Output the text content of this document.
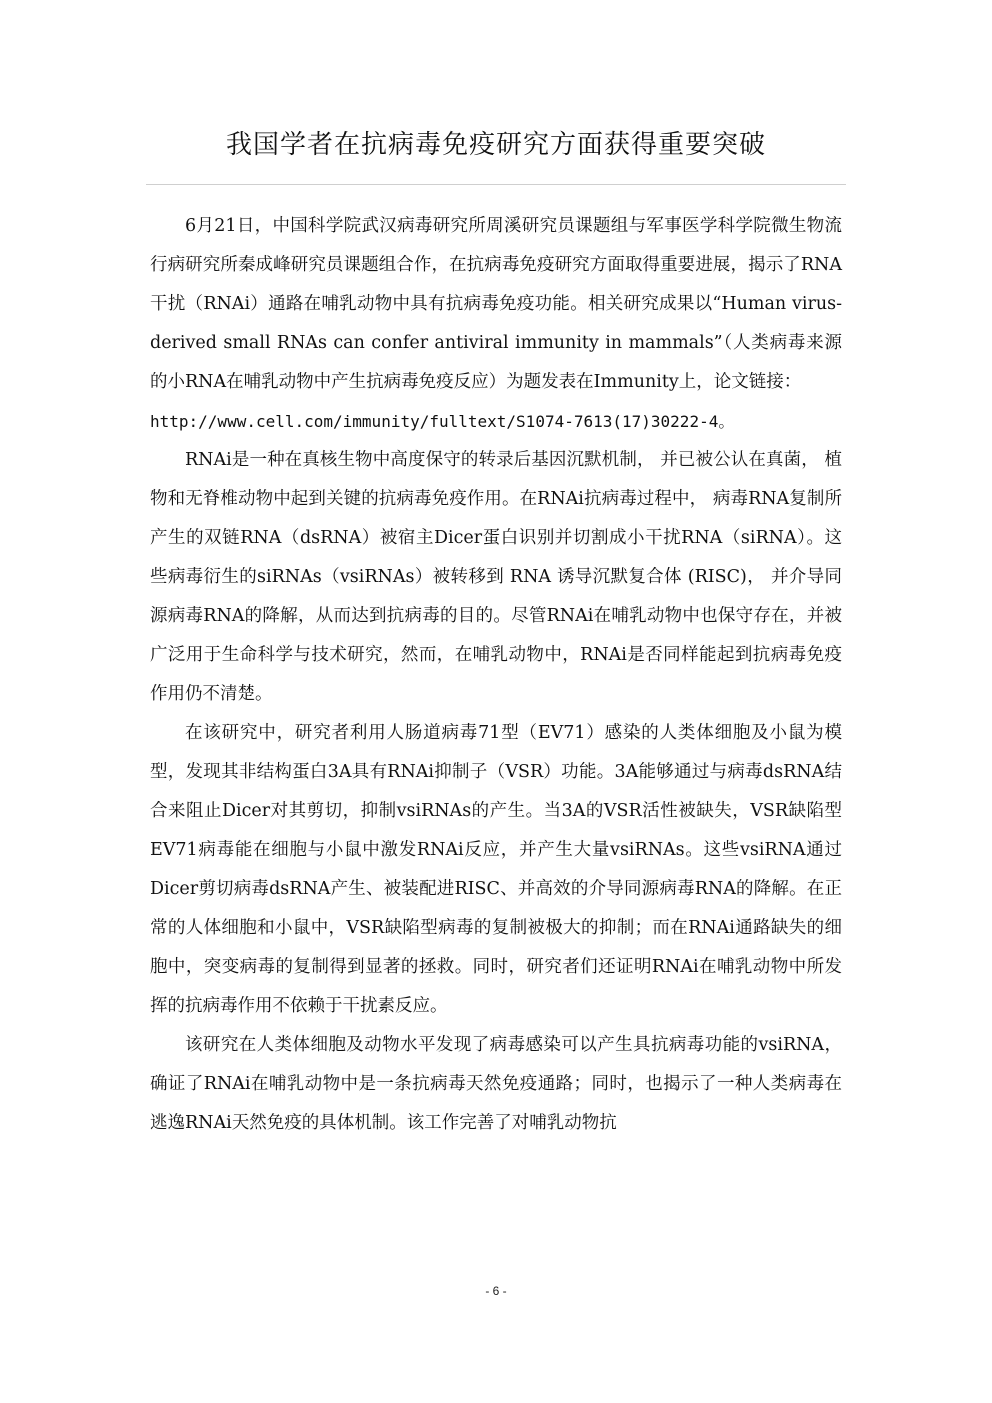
我国学者在抗病毒免疫研究方面获得重要突破

6月21日，中国科学院武汉病毒研究所周溪研究员课题组与军事医学科学院微生物流行病研究所秦成峰研究员课题组合作，在抗病毒免疫研究方面取得重要进展，揭示了RNA干扰（RNAi）通路在哺乳动物中具有抗病毒免疫功能。相关研究成果以“Human virus-derived small RNAs can confer antiviral immunity in mammals”（人类病毒来源的小RNA在哺乳动物中产生抗病毒免疫反应）为题发表在Immunity上，论文链接：

http://www.cell.com/immunity/fulltext/S1074-7613(17)30222-4。

RNAi是一种在真核生物中高度保守的转录后基因沉默机制， 并已被公认在真菌， 植物和无脊椎动物中起到关键的抗病毒免疫作用。在RNAi抗病毒过程中， 病毒RNA复制所产生的双链RNA（dsRNA）被宿主Dicer蛋白识别并切割成小干扰RNA（siRNA）。这些病毒衍生的siRNAs（vsiRNAs）被转移到 RNA 诱导沉默复合体 (RISC)， 并介导同源病毒RNA的降解，从而达到抗病毒的目的。尽管RNAi在哺乳动物中也保守存在，并被广泛用于生命科学与技术研究，然而，在哺乳动物中，RNAi是否同样能起到抗病毒免疫作用仍不清楚。

在该研究中，研究者利用人肠道病毒71型（EV71）感染的人类体细胞及小鼠为模型，发现其非结构蛋白3A具有RNAi抑制子（VSR）功能。3A能够通过与病毒dsRNA结合来阻止Dicer对其剪切，抑制vsiRNAs的产生。当3A的VSR活性被缺失，VSR缺陷型EV71病毒能在细胞与小鼠中激发RNAi反应，并产生大量vsiRNAs。这些vsiRNA通过Dicer剪切病毒dsRNA产生、被装配进RISC、并高效的介导同源病毒RNA的降解。在正常的人体细胞和小鼠中，VSR缺陷型病毒的复制被极大的抑制；而在RNAi通路缺失的细胞中，突变病毒的复制得到显著的拯救。同时，研究者们还证明RNAi在哺乳动物中所发挥的抗病毒作用不依赖于干扰素反应。

该研究在人类体细胞及动物水平发现了病毒感染可以产生具抗病毒功能的vsiRNA，确证了RNAi在哺乳动物中是一条抗病毒天然免疫通路；同时，也揭示了一种人类病毒在逃逸RNAi天然免疫的具体机制。该工作完善了对哺乳动物抗

- 6 -
